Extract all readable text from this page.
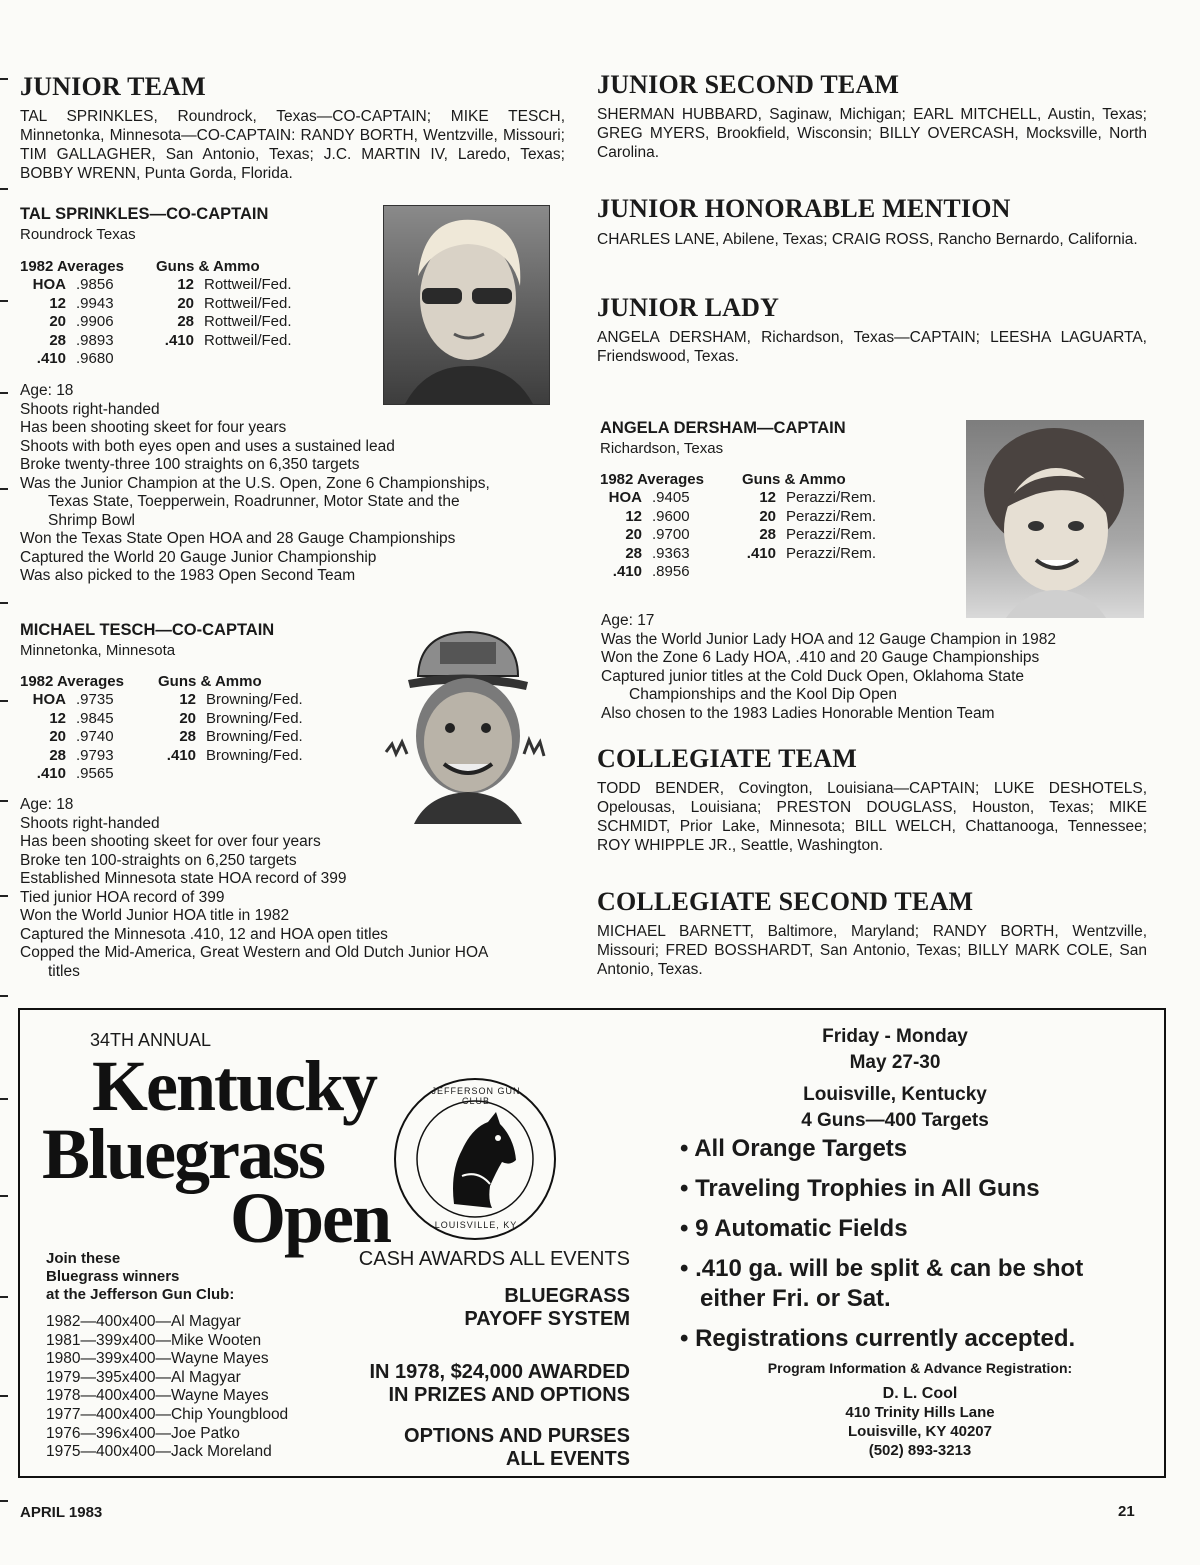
JUNIOR TEAM
TAL SPRINKLES, Roundrock, Texas—CO-CAPTAIN; MIKE TESCH, Minnetonka, Minnesota—CO-CAPTAIN: RANDY BORTH, Wentzville, Missouri; TIM GALLAGHER, San Antonio, Texas; J.C. MARTIN IV, Laredo, Texas; BOBBY WRENN, Punta Gorda, Florida.
TAL SPRINKLES—CO-CAPTAIN
Roundrock Texas
1982 Averages	
HOA	.9856
12	.9943
20	.9906
28	.9893
.410	.9680
Guns & Ammo	
12	Rottweil/Fed.
20	Rottweil/Fed.
28	Rottweil/Fed.
.410	Rottweil/Fed.
Age: 18
Shoots right-handed
Has been shooting skeet for four years
Shoots with both eyes open and uses a sustained lead
Broke twenty-three 100 straights on 6,350 targets
Was the Junior Champion at the U.S. Open, Zone 6 Championships,
Texas State, Toepperwein, Roadrunner, Motor State and the
Shrimp Bowl
Won the Texas State Open HOA and 28 Gauge Championships
Captured the World 20 Gauge Junior Championship
Was also picked to the 1983 Open Second Team
MICHAEL TESCH—CO-CAPTAIN
Minnetonka, Minnesota
1982 Averages	
HOA	.9735
12	.9845
20	.9740
28	.9793
.410	.9565
Guns & Ammo	
12	Browning/Fed.
20	Browning/Fed.
28	Browning/Fed.
.410	Browning/Fed.
Age: 18
Shoots right-handed
Has been shooting skeet for over four years
Broke ten 100-straights on 6,250 targets
Established Minnesota state HOA record of 399
Tied junior HOA record of 399
Won the World Junior HOA title in 1982
Captured the Minnesota .410, 12 and HOA open titles
Copped the Mid-America, Great Western and Old Dutch Junior HOA
titles
JUNIOR SECOND TEAM
SHERMAN HUBBARD, Saginaw, Michigan; EARL MITCHELL, Austin, Texas; GREG MYERS, Brookfield, Wisconsin; BILLY OVERCASH, Mocksville, North Carolina.
JUNIOR HONORABLE MENTION
CHARLES LANE, Abilene, Texas; CRAIG ROSS, Rancho Bernardo, California.
JUNIOR LADY
ANGELA DERSHAM, Richardson, Texas—CAPTAIN; LEESHA LAGUARTA, Friendswood, Texas.
ANGELA DERSHAM—CAPTAIN
Richardson, Texas
1982 Averages	
HOA	.9405
12	.9600
20	.9700
28	.9363
.410	.8956
Guns & Ammo	
12	Perazzi/Rem.
20	Perazzi/Rem.
28	Perazzi/Rem.
.410	Perazzi/Rem.
Age: 17
Was the World Junior Lady HOA and 12 Gauge Champion in 1982
Won the Zone 6 Lady HOA, .410 and 20 Gauge Championships
Captured junior titles at the Cold Duck Open, Oklahoma State
Championships and the Kool Dip Open
Also chosen to the 1983 Ladies Honorable Mention Team
COLLEGIATE TEAM
TODD BENDER, Covington, Louisiana—CAPTAIN; LUKE DESHOTELS, Opelousas, Louisiana; PRESTON DOUGLASS, Houston, Texas; MIKE SCHMIDT, Prior Lake, Minnesota; BILL WELCH, Chattanooga, Tennessee; ROY WHIPPLE JR., Seattle, Washington.
COLLEGIATE SECOND TEAM
MICHAEL BARNETT, Baltimore, Maryland; RANDY BORTH, Wentzville, Missouri; FRED BOSSHARDT, San Antonio, Texas; BILLY MARK COLE, San Antonio, Texas.
34TH ANNUAL
Kentucky
Bluegrass
Open
JEFFERSON GUN CLUB
LOUISVILLE, KY
Join these
Bluegrass winners
at the Jefferson Gun Club:
1982—400x400—Al Magyar
1981—399x400—Mike Wooten
1980—399x400—Wayne Mayes
1979—395x400—Al Magyar
1978—400x400—Wayne Mayes
1977—400x400—Chip Youngblood
1976—396x400—Joe Patko
1975—400x400—Jack Moreland
CASH AWARDS ALL EVENTS
BLUEGRASS
PAYOFF SYSTEM
IN 1978, $24,000 AWARDED
IN PRIZES AND OPTIONS
OPTIONS AND PURSES
ALL EVENTS
Friday - Monday
May 27-30
Louisville, Kentucky
4 Guns—400 Targets
• All Orange Targets
• Traveling Trophies in All Guns
• 9 Automatic Fields
• .410 ga. will be split & can be shot
either Fri. or Sat.
• Registrations currently accepted.
Program Information & Advance Registration:
D. L. Cool
410 Trinity Hills Lane
Louisville, KY 40207
(502) 893-3213
APRIL 1983	21
